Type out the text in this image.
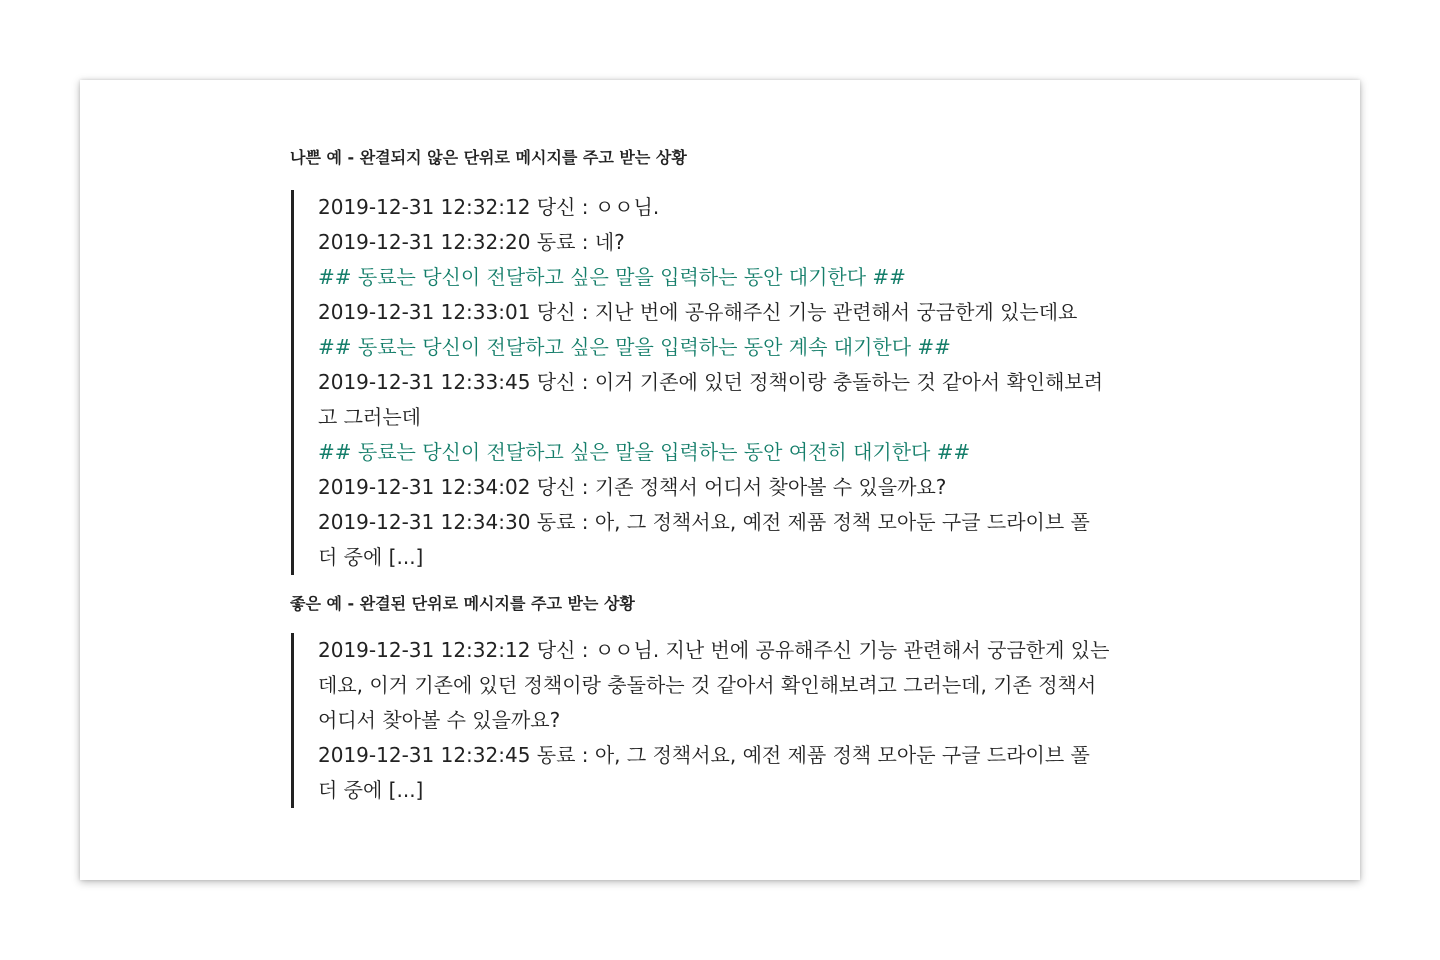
나쁜 예 - 완결되지 않은 단위로 메시지를 주고 받는 상황

2019-12-31 12:32:12 당신 : ㅇㅇ님.

2019-12-31 12:32:20 동료 : 네?

## 동료는 당신이 전달하고 싶은 말을 입력하는 동안 대기한다 ##

2019-12-31 12:33:01 당신 : 지난 번에 공유해주신 기능 관련해서 궁금한게 있는데요

## 동료는 당신이 전달하고 싶은 말을 입력하는 동안 계속 대기한다 ##

2019-12-31 12:33:45 당신 : 이거 기존에 있던 정책이랑 충돌하는 것 같아서 확인해보려

고 그러는데

## 동료는 당신이 전달하고 싶은 말을 입력하는 동안 여전히 대기한다 ##

2019-12-31 12:34:02 당신 : 기존 정책서 어디서 찾아볼 수 있을까요?

2019-12-31 12:34:30 동료 : 아, 그 정책서요, 예전 제품 정책 모아둔 구글 드라이브 폴

더 중에 [...]

좋은 예 - 완결된 단위로 메시지를 주고 받는 상황

2019-12-31 12:32:12 당신 : ㅇㅇ님. 지난 번에 공유해주신 기능 관련해서 궁금한게 있는

데요, 이거 기존에 있던 정책이랑 충돌하는 것 같아서 확인해보려고 그러는데, 기존 정책서

어디서 찾아볼 수 있을까요?

2019-12-31 12:32:45 동료 : 아, 그 정책서요, 예전 제품 정책 모아둔 구글 드라이브 폴

더 중에 [...]
